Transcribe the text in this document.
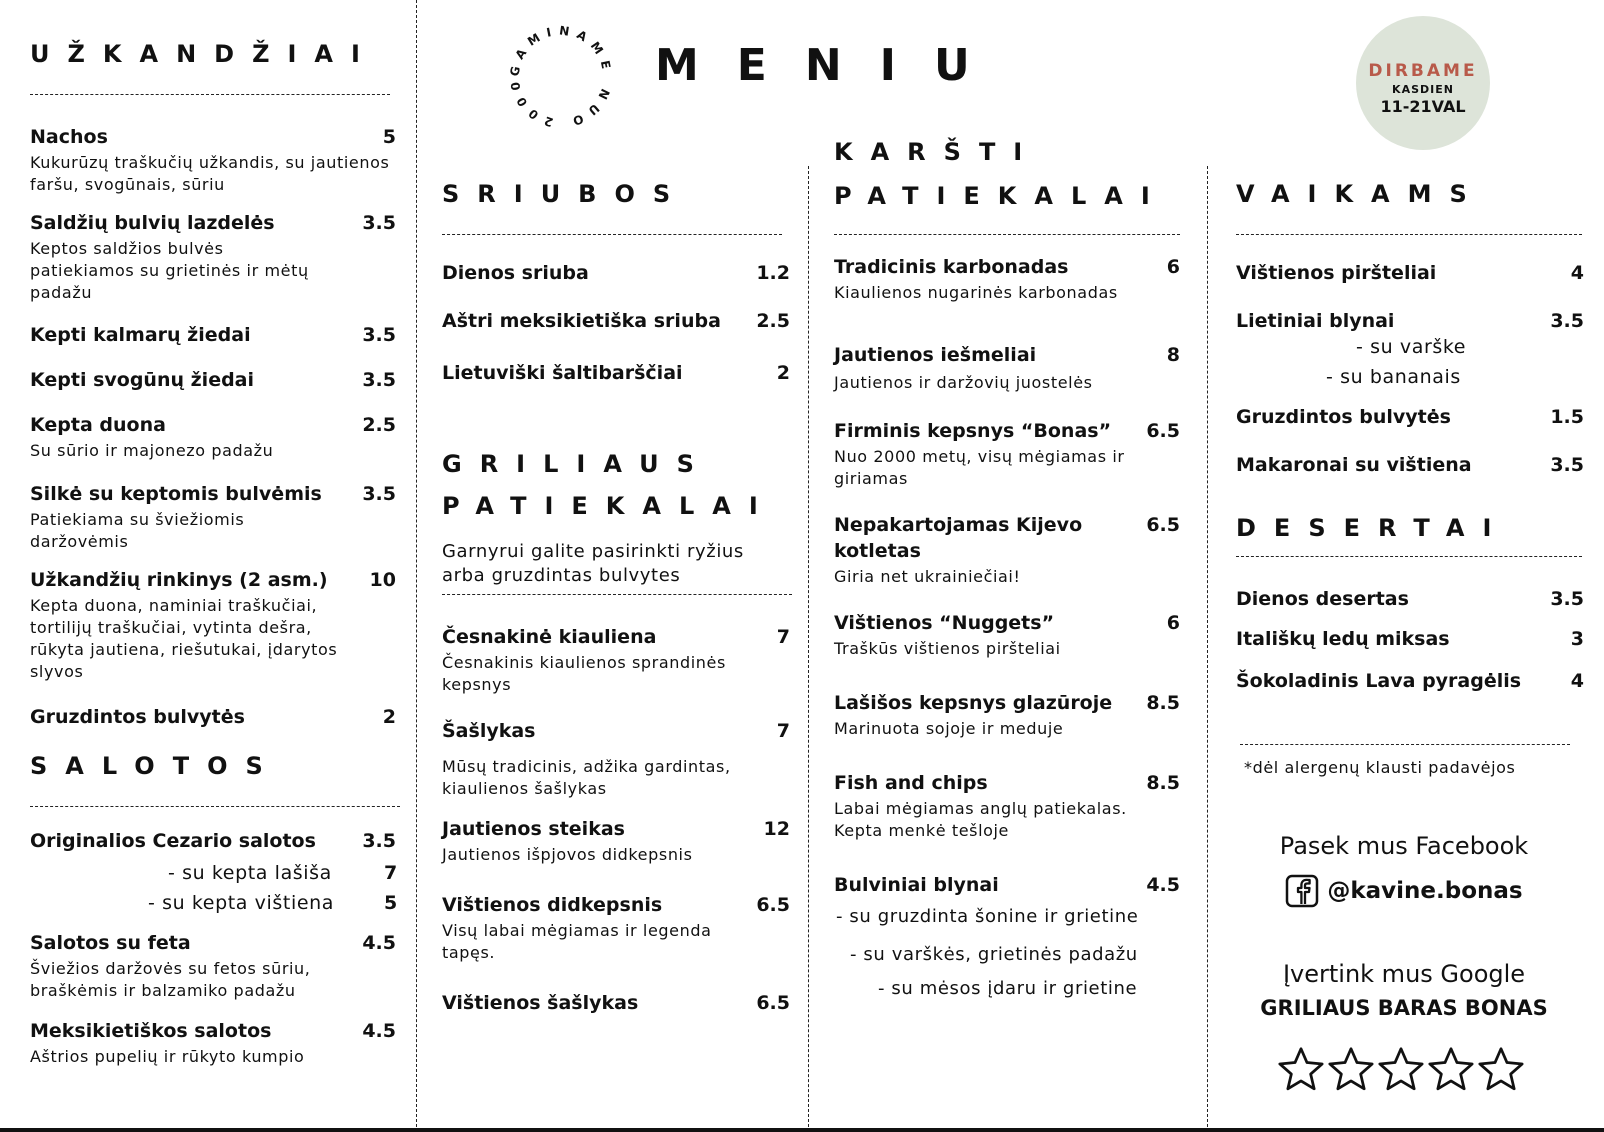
UŽKANDŽIAI
Nachos	5
Kukurūzų traškučių užkandis, su jautienos faršu, svogūnais, sūriu
Saldžių bulvių lazdelės	3.5
Keptos saldžios bulvės patiekiamos su grietinės ir mėtų padažu
Kepti kalmarų žiedai	3.5
Kepti svogūnų žiedai	3.5
Kepta duona	2.5
Su sūrio ir majonezo padažu
Silkė su keptomis bulvėmis 3.5
Patiekiama su šviežiomis daržovėmis
Užkandžių rinkinys (2 asm.) 10
Kepta duona, naminiai traškučiai, tortilijų traškučiai, vytinta dešra, rūkyta jautiena, riešutukai, įdarytos slyvos
Gruzdintos bulvytės	2
SALOTOS
Originalios Cezario salotos 3.5
- su kepta lašiša	7
- su kepta vištiena	5
Salotos su feta	4.5
Šviežios daržovės su fetos sūriu, braškėmis ir balzamiko padažu
Meksikietiškos salotos	4.5
Aštrios pupelių ir rūkyto kumpio
GAMINAME NUO 2000	MENIU	DIRBAME
KASDIEN
11-21VAL
SRIUBOS
Dienos sriuba	1.2
Aštri meksikietiška sriuba 2.5
Lietuviški šaltibarščiai	2
GRILIAUS
PATIEKALAI
Garnyrui galite pasirinkti ryžius arba gruzdintas bulvytes
Česnakinė kiauliena	7
Česnakinis kiaulienos sprandinės kepsnys
Šašlykas	7
Mūsų tradicinis, adžika gardintas, kiaulienos šašlykas
Jautienos steikas	12
Jautienos išpjovos didkepsnis
Vištienos didkepsnis	6.5
Visų labai mėgiamas ir legenda tapęs.
Vištienos šašlykas	6.5
KARŠTI
PATIEKALAI
Tradicinis karbonadas	6
Kiaulienos nugarinės karbonadas
Jautienos iešmeliai	8
Jautienos ir daržovių juostelės
Firminis kepsnys “Bonas” 6.5
Nuo 2000 metų, visų mėgiamas ir giriamas
Nepakartojamas Kijevo kotletas
6.5
Giria net ukrainiečiai!
Vištienos “Nuggets”	6
Traškūs vištienos piršteliai
Lašišos kepsnys glazūroje 8.5
Marinuota sojoje ir meduje
Fish and chips	8.5
Labai mėgiamas anglų patiekalas. Kepta menkė tešloje
Bulviniai blynai	4.5
- su gruzdinta šonine ir grietine
- su varškės, grietinės padažu
- su mėsos įdaru ir grietine
VAIKAMS
Vištienos piršteliai	4
Lietiniai blynai	3.5
- su varške
- su bananais
Gruzdintos bulvytės	1.5
Makaronai su vištiena	3.5
DESERTAI
Dienos desertas	3.5
Itališkų ledų miksas	3
Šokoladinis Lava pyragėlis	4
*dėl alergenų klausti padavėjos
Pasek mus Facebook
@kavine.bonas
Įvertink mus Google
GRILIAUS BARAS BONAS
